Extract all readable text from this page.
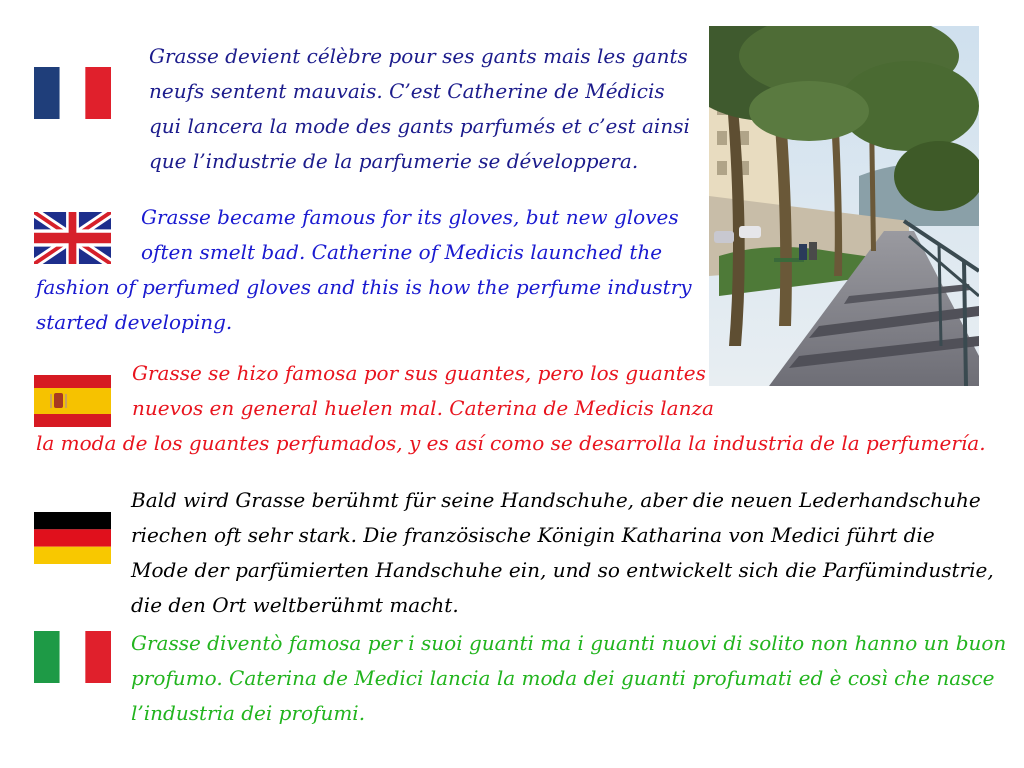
Grasse devient célèbre pour ses gants mais les gants
neufs sentent mauvais. C’est Catherine de Médicis
qui lancera la mode des gants parfumés et c’est ainsi
que l’industrie de la parfumerie se développera.
Grasse became famous for its gloves, but new gloves
often smelt bad. Catherine of Medicis launched the
fashion of perfumed gloves and this is how the perfume industry
started developing.
Grasse se hizo famosa por sus guantes, pero los guantes
nuevos en general huelen mal. Caterina de Medicis lanza
la moda de los guantes perfumados, y es así como se desarrolla la industria de la perfumería.
Bald wird Grasse berühmt für seine Handschuhe, aber die neuen Lederhandschuhe
riechen oft sehr stark. Die französische Königin Katharina von Medici führt die
Mode der parfümierten Handschuhe ein, und so entwickelt sich die Parfümindustrie,
die den Ort weltberühmt macht.
Grasse diventò famosa per i suoi guanti ma i guanti nuovi di solito non hanno un buon
profumo. Caterina de Medici lancia la moda dei guanti profumati ed è così che nasce
l’industria dei profumi.
